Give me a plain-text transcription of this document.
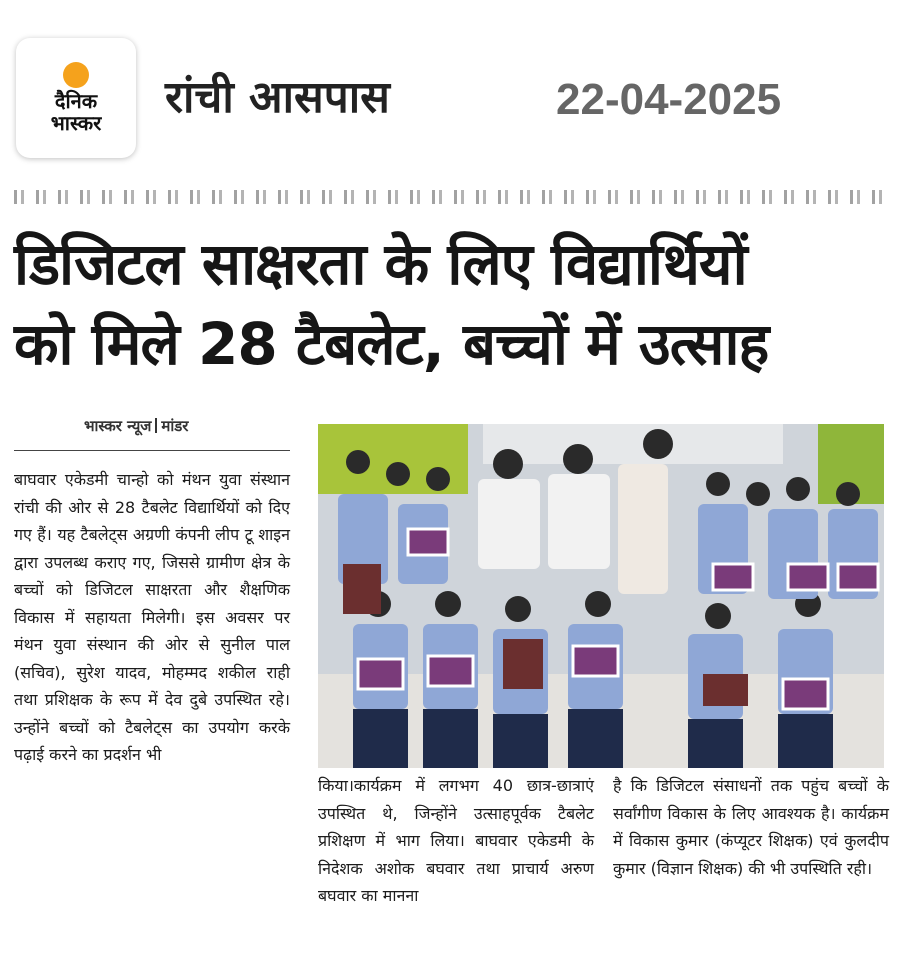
दैनिक
भास्कर रांची आसपास	22-04-2025
डिजिटल साक्षरता के लिए विद्यार्थियों
को मिले 28 टैबलेट, बच्चों में उत्साह
भास्कर न्यूज मांडर
बाघवार एकेडमी चान्हो को मंथन युवा संस्थान रांची की ओर से 28 टैबलेट विद्यार्थियों को दिए गए हैं। यह टैबलेट्स अग्रणी कंपनी लीप टू शाइन द्वारा उपलब्ध कराए गए, जिससे ग्रामीण क्षेत्र के बच्चों को डिजिटल साक्षरता और शैक्षणिक विकास में सहायता मिलेगी। इस अवसर पर मंथन युवा संस्थान की ओर से सुनील पाल (सचिव), सुरेश यादव, मोहम्मद शकील राही तथा प्रशिक्षक के रूप में देव दुबे उपस्थित रहे। उन्होंने बच्चों को टैबलेट्स का उपयोग करके पढ़ाई करने का प्रदर्शन भी
किया।कार्यक्रम में लगभग 40 छात्र-छात्राएं उपस्थित थे, जिन्होंने उत्साहपूर्वक टैबलेट प्रशिक्षण में भाग लिया। बाघवार एकेडमी के निदेशक अशोक बघवार तथा प्राचार्य अरुण बघवार का मानना
है कि डिजिटल संसाधनों तक पहुंच बच्चों के सर्वांगीण विकास के लिए आवश्यक है। कार्यक्रम में विकास कुमार (कंप्यूटर शिक्षक) एवं कुलदीप कुमार (विज्ञान शिक्षक) की भी उपस्थिति रही।
